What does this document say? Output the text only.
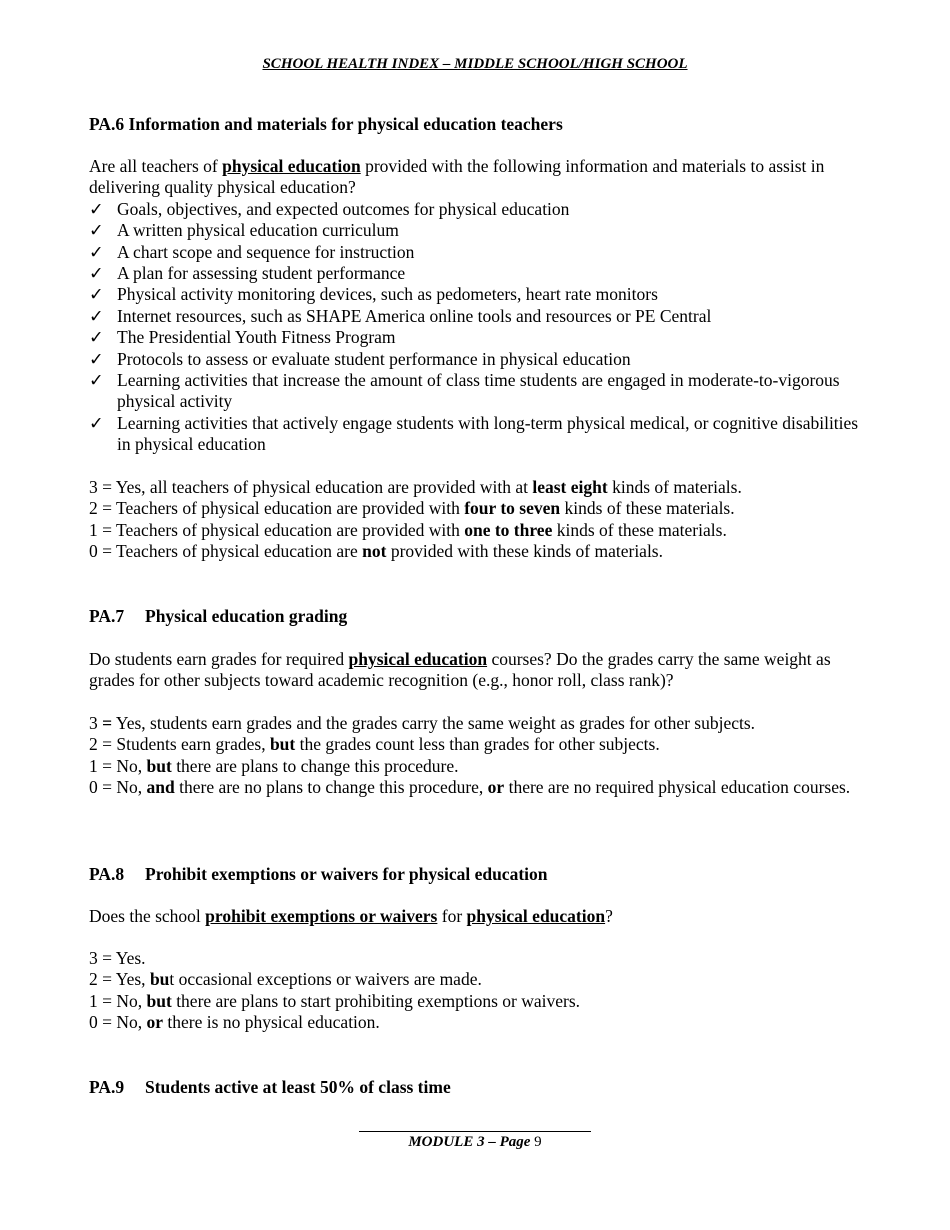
SCHOOL HEALTH INDEX – MIDDLE SCHOOL/HIGH SCHOOL
PA.6 Information and materials for physical education teachers
Are all teachers of physical education provided with the following information and materials to assist in delivering quality physical education?
✓ Goals, objectives, and expected outcomes for physical education
✓ A written physical education curriculum
✓ A chart scope and sequence for instruction
✓ A plan for assessing student performance
✓ Physical activity monitoring devices, such as pedometers, heart rate monitors
✓ Internet resources, such as SHAPE America online tools and resources or PE Central
✓ The Presidential Youth Fitness Program
✓ Protocols to assess or evaluate student performance in physical education
✓ Learning activities that increase the amount of class time students are engaged in moderate-to-vigorous physical activity
✓ Learning activities that actively engage students with long-term physical medical, or cognitive disabilities in physical education

3 = Yes, all teachers of physical education are provided with at least eight kinds of materials.

2 = Teachers of physical education are provided with four to seven kinds of these materials.

1 = Teachers of physical education are provided with one to three kinds of these materials.

0 = Teachers of physical education are not provided with these kinds of materials.

PA.7 Physical education grading
Do students earn grades for required physical education courses? Do the grades carry the same weight as grades for other subjects toward academic recognition (e.g., honor roll, class rank)?

3 = Yes, students earn grades and the grades carry the same weight as grades for other subjects.

2 = Students earn grades, but the grades count less than grades for other subjects.

1 = No, but there are plans to change this procedure.

0 = No, and there are no plans to change this procedure, or there are no required physical education courses.

PA.8 Prohibit exemptions or waivers for physical education
Does the school prohibit exemptions or waivers for physical education?

3 = Yes.

2 = Yes, but occasional exceptions or waivers are made.

1 = No, but there are plans to start prohibiting exemptions or waivers.

0 = No, or there is no physical education.

PA.9 Students active at least 50% of class time
MODULE 3 – Page 9
